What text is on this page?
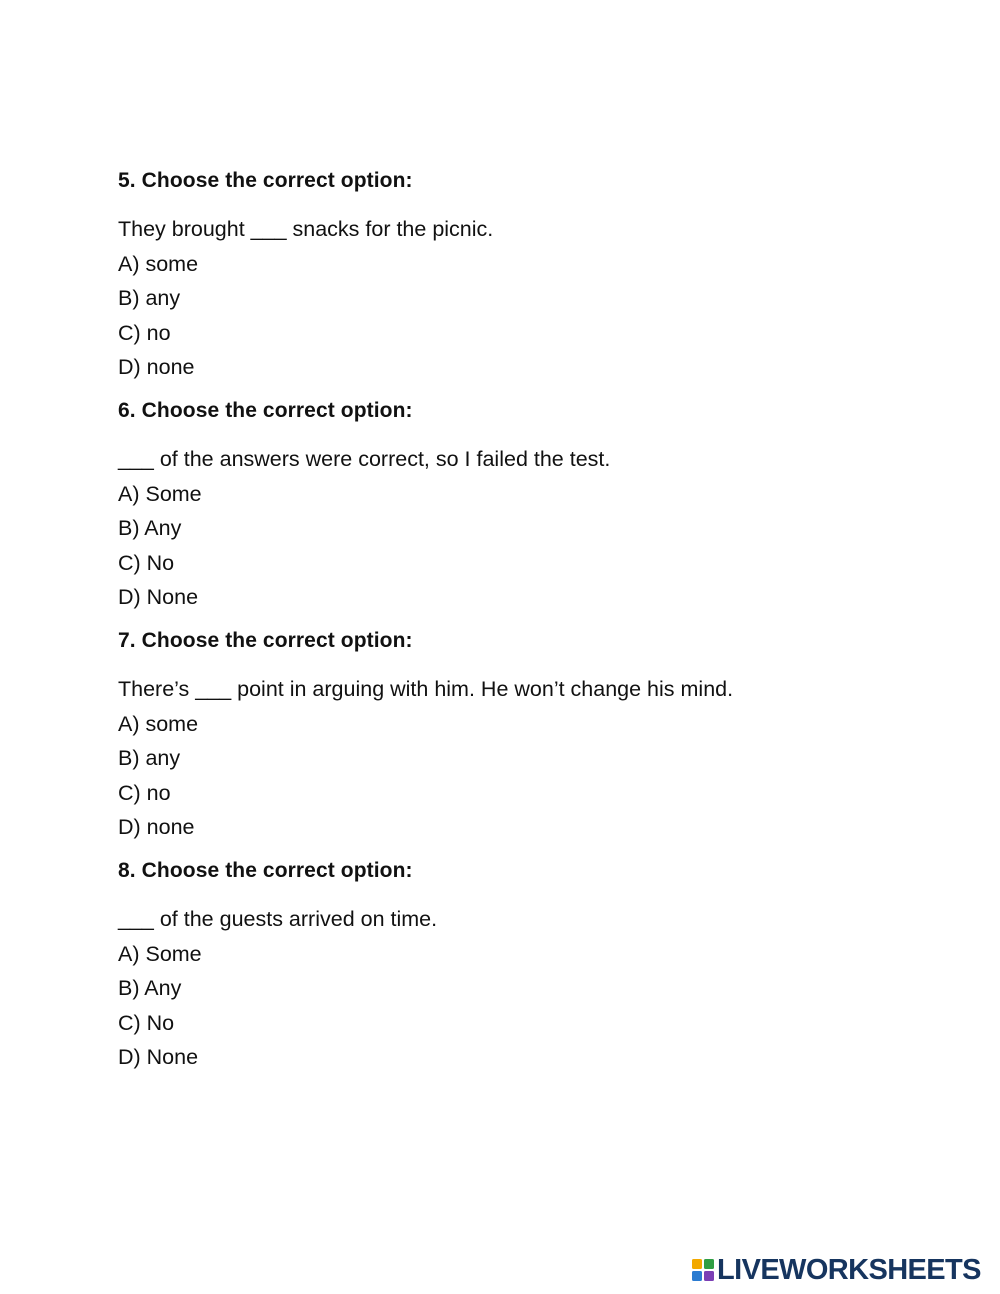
5. Choose the correct option:

They brought ___ snacks for the picnic.

A) some
B) any
C) no
D) none

6. Choose the correct option:

___ of the answers were correct, so I failed the test.

A) Some
B) Any
C) No
D) None

7. Choose the correct option:

There’s ___ point in arguing with him. He won’t change his mind.

A) some
B) any
C) no
D) none

8. Choose the correct option:

___ of the guests arrived on time.

A) Some
B) Any
C) No
D) None
LIVEWORKSHEETS
